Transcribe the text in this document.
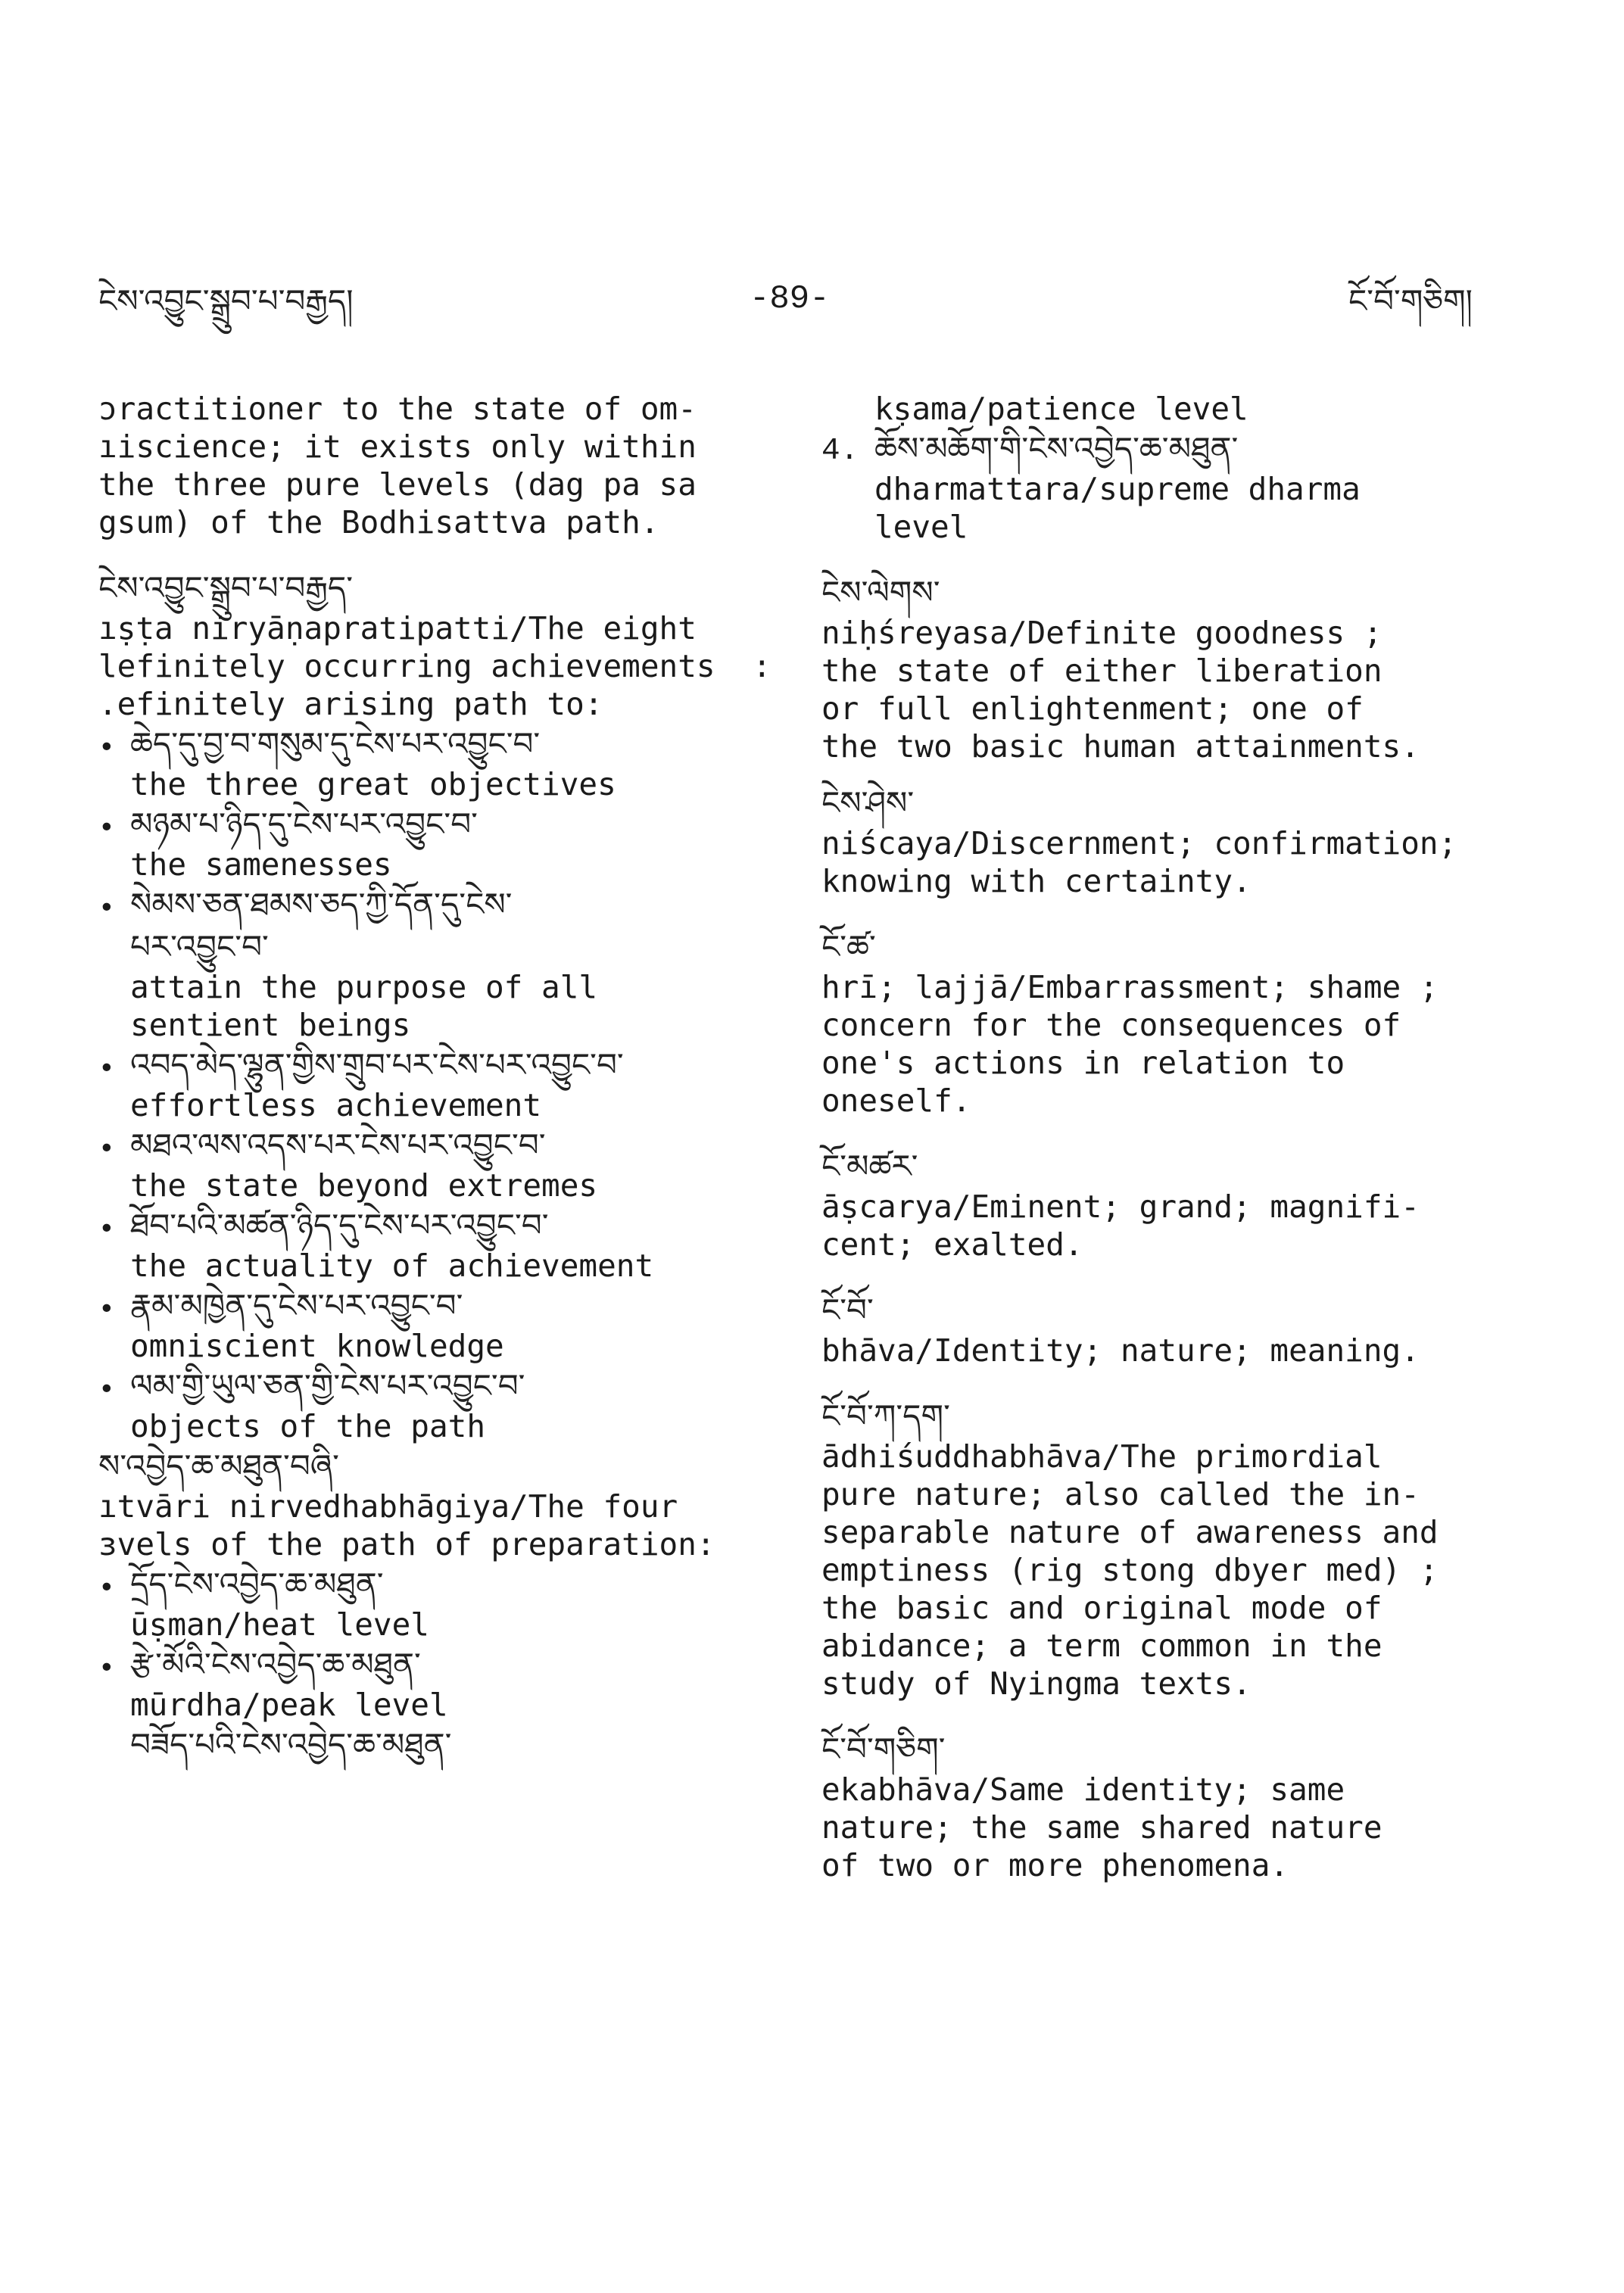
ངེས་འབྱུང་སྒྲུབ་པ་བརྒྱད།	-89-	ངོ་བོ་གཅིག།
ɔractitioner to the state of om-
ıiscience; it exists only within
the three pure levels (dag pa sa
gsum) of the Bodhisattva path.
ངེས་འབྱུང་སྒྲུབ་པ་བརྒྱད་
ıṣṭa niryāṇapratipatti/The eight
lefinitely occurring achievements :
.efinitely arising path to:
• ཆེད་དུ་བྱ་བ་གསུམ་དུ་ངེས་པར་འབྱུང་བ་
the three great objectives
• མཉམ་པ་ཉིད་དུ་ངེས་པར་འབྱུང་བ་
the samenesses
• སེམས་ཅན་ཐམས་ཅད་ཀྱི་དོན་དུ་ངེས་
པར་འབྱུང་བ་
attain the purpose of all
sentient beings
• འབད་མེད་ལྷུན་གྱིས་གྲུབ་པར་ངེས་པར་འབྱུང་བ་
effortless achievement
• མཐའ་ལས་འདས་པར་ངེས་པར་འབྱུང་བ་
the state beyond extremes
• ཐོབ་པའི་མཚན་ཉིད་དུ་ངེས་པར་འབྱུང་བ་
the actuality of achievement
• རྣམ་མཁྱེན་དུ་ངེས་པར་འབྱུང་བ་
omniscient knowledge
• ལམ་གྱི་ཡུལ་ཅན་གྱི་ངེས་པར་འབྱུང་བ་
objects of the path
ས་འབྱེད་ཆ་མཐུན་བཞི་
ıtvāri nirvedhabhāgiya/The four
ɜvels of the path of preparation:
• དྲོད་ངེས་འབྱེད་ཆ་མཐུན་
ūṣman/heat level
• རྩེ་མོའི་ངེས་འབྱེད་ཆ་མཐུན་
mūrdha/peak level
བཟོད་པའི་ངེས་འབྱེད་ཆ་མཐུན་
kṣama/patience level
4. ཆོས་མཆོག་གི་ངེས་འབྱེད་ཆ་མཐུན་
dharmattara/supreme dharma
level
ངེས་ལེགས་
niḥśreyasa/Definite goodness ;
the state of either liberation
or full enlightenment; one of
the two basic human attainments.
ངེས་ཤེས་
niścaya/Discernment; confirmation;
knowing with certainty.
ངོ་ཚ་
hrī; lajjā/Embarrassment; shame ;
concern for the consequences of
one's actions in relation to
oneself.
ངོ་མཚར་
āṣcarya/Eminent; grand; magnifi-
cent; exalted.
ངོ་བོ་
bhāva/Identity; nature; meaning.
ངོ་བོ་ཀ་དག་
ādhiśuddhabhāva/The primordial
pure nature; also called the in-
separable nature of awareness and
emptiness (rig stong dbyer med) ;
the basic and original mode of
abidance; a term common in the
study of Nyingma texts.
ངོ་བོ་གཅིག་
ekabhāva/Same identity; same
nature; the same shared nature
of two or more phenomena.
